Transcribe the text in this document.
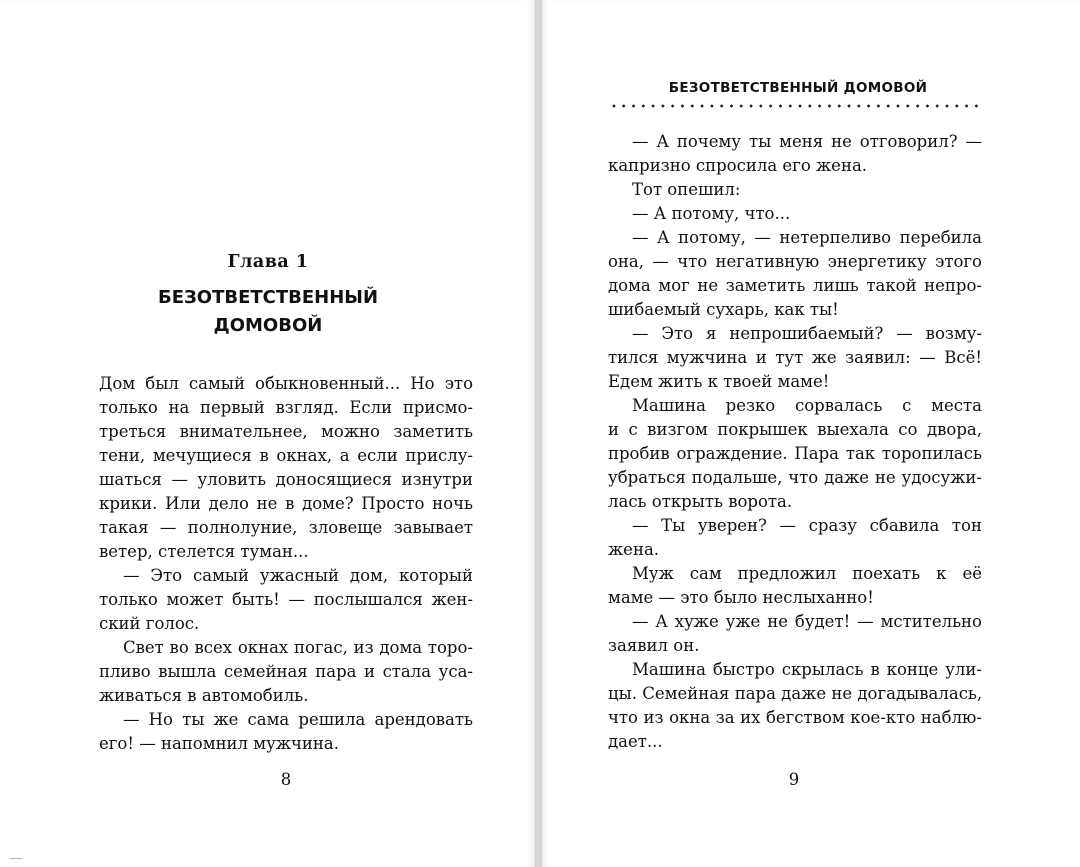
Глава 1

БЕЗОТВЕТСТВЕННЫЙ
ДОМОВОЙ

Дом был самый обыкновенный... Но это
только на первый взгляд. Если присмо-
треться внимательнее, можно заметить
тени, мечущиеся в окнах, а если прислу-
шаться — уловить доносящиеся изнутри
крики. Или дело не в доме? Просто ночь
такая — полнолуние, зловеще завывает
ветер, стелется туман...
— Это самый ужасный дом, который
только может быть! — послышался жен-
ский голос.
Свет во всех окнах погас, из дома торо-
пливо вышла семейная пара и стала уса-
живаться в автомобиль.
— Но ты же сама решила арендовать
его! — напомнил мужчина.

8

БЕЗОТВЕТСТВЕННЫЙ ДОМОВОЙ

— А почему ты меня не отговорил? —
капризно спросила его жена.
Тот опешил:
— А потому, что...
— А потому, — нетерпеливо перебила
она, — что негативную энергетику этого
дома мог не заметить лишь такой непро-
шибаемый сухарь, как ты!
— Это я непрошибаемый? — возму-
тился мужчина и тут же заявил: — Всё!
Едем жить к твоей маме!
Машина резко сорвалась с места
и с визгом покрышек выехала со двора,
пробив ограждение. Пара так торопилась
убраться подальше, что даже не удосужи-
лась открыть ворота.
— Ты уверен? — сразу сбавила тон
жена.
Муж сам предложил поехать к её
маме — это было неслыханно!
— А хуже уже не будет! — мстительно
заявил он.
Машина быстро скрылась в конце ули-
цы. Семейная пара даже не догадывалась,
что из окна за их бегством кое-кто наблю-
дает...

9
